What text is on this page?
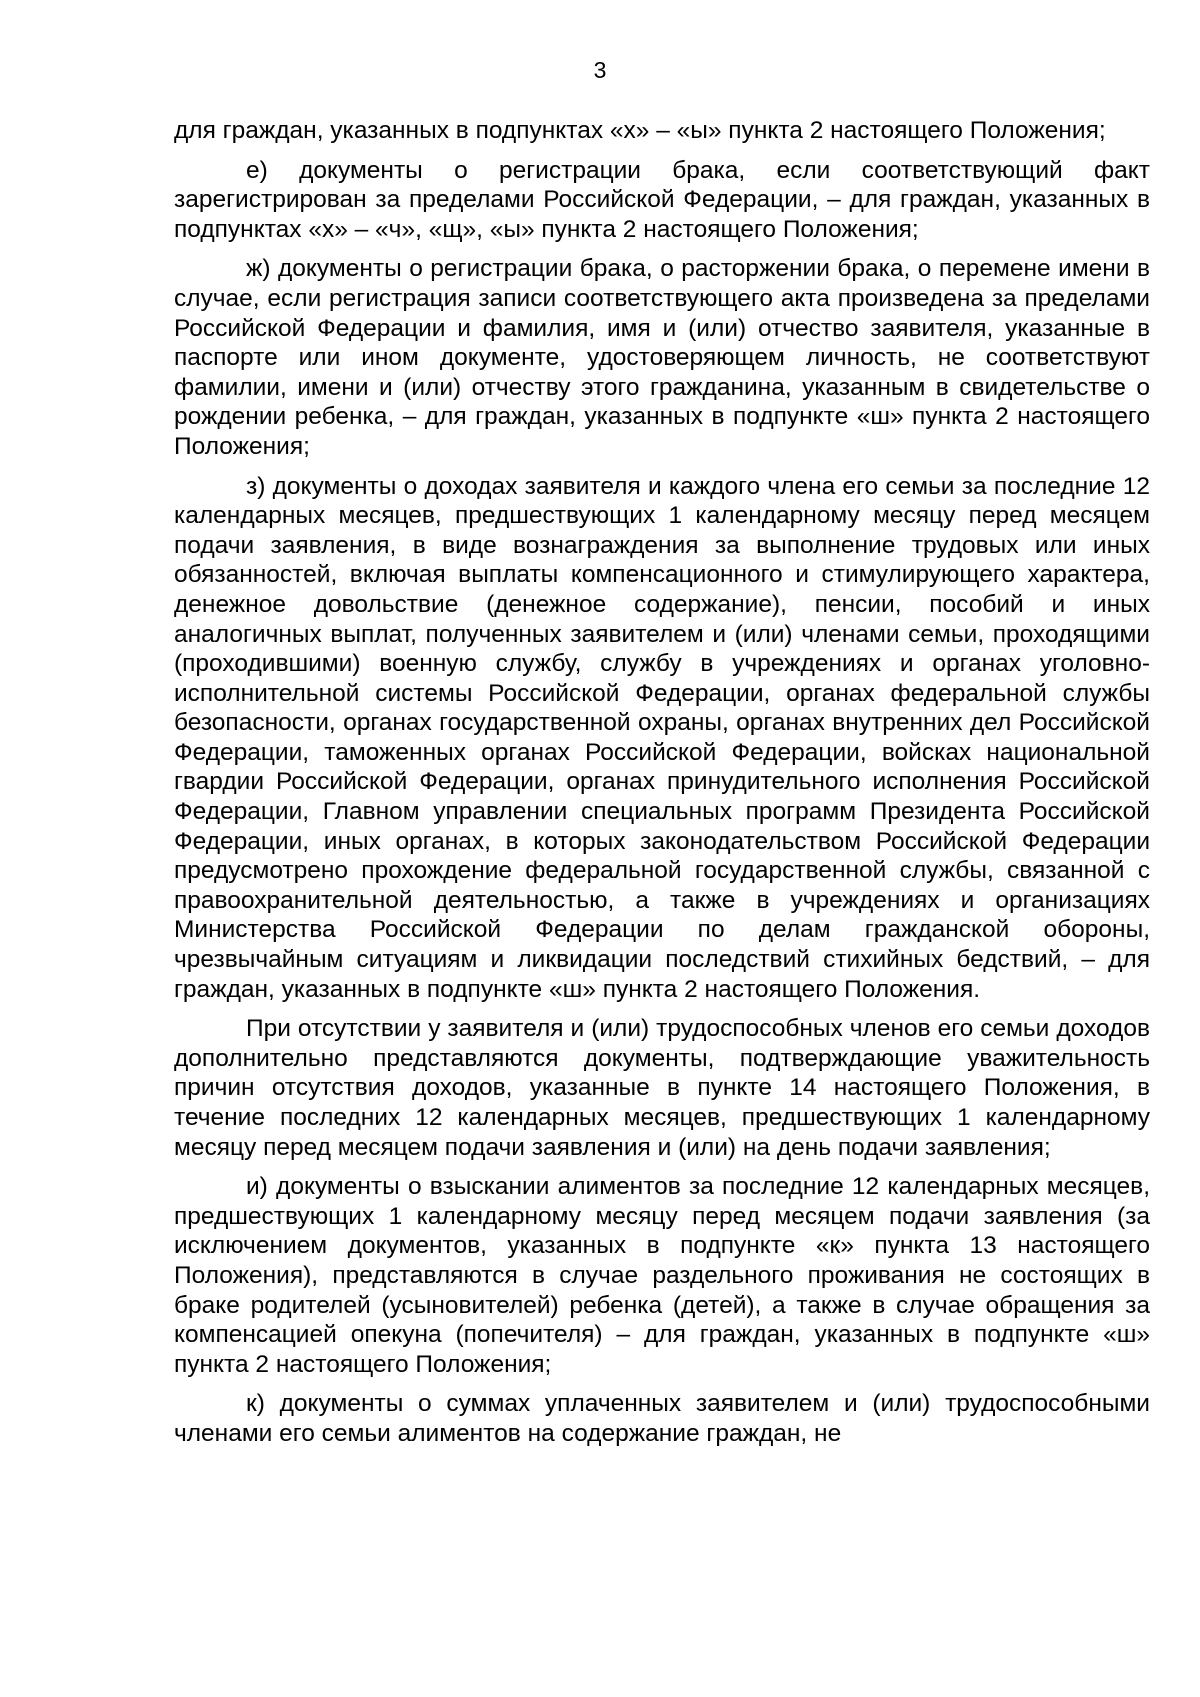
3

для граждан, указанных в подпунктах «х» – «ы» пункта 2 настоящего Положения;

е) документы о регистрации брака, если соответствующий факт зарегистрирован за пределами Российской Федерации, – для граждан, указанных в подпунктах «х» – «ч», «щ», «ы» пункта 2 настоящего Положения;

ж) документы о регистрации брака, о расторжении брака, о перемене имени в случае, если регистрация записи соответствующего акта произведена за пределами Российской Федерации и фамилия, имя и (или) отчество заявителя, указанные в паспорте или ином документе, удостоверяющем личность, не соответствуют фамилии, имени и (или) отчеству этого гражданина, указанным в свидетельстве о рождении ребенка, – для граждан, указанных в подпункте «ш» пункта 2 настоящего Положения;

з) документы о доходах заявителя и каждого члена его семьи за последние 12 календарных месяцев, предшествующих 1 календарному месяцу перед месяцем подачи заявления, в виде вознаграждения за выполнение трудовых или иных обязанностей, включая выплаты компенсационного и стимулирующего характера, денежное довольствие (денежное содержание), пенсии, пособий и иных аналогичных выплат, полученных заявителем и (или) членами семьи, проходящими (проходившими) военную службу, службу в учреждениях и органах уголовно-исполнительной системы Российской Федерации, органах федеральной службы безопасности, органах государственной охраны, органах внутренних дел Российской Федерации, таможенных органах Российской Федерации, войсках национальной гвардии Российской Федерации, органах принудительного исполнения Российской Федерации, Главном управлении специальных программ Президента Российской Федерации, иных органах, в которых законодательством Российской Федерации предусмотрено прохождение федеральной государственной службы, связанной с правоохранительной деятельностью, а также в учреждениях и организациях Министерства Российской Федерации по делам гражданской обороны, чрезвычайным ситуациям и ликвидации последствий стихийных бедствий, – для граждан, указанных в подпункте «ш» пункта 2 настоящего Положения.

При отсутствии у заявителя и (или) трудоспособных членов его семьи доходов дополнительно представляются документы, подтверждающие уважительность причин отсутствия доходов, указанные в пункте 14 настоящего Положения, в течение последних 12 календарных месяцев, предшествующих 1 календарному месяцу перед месяцем подачи заявления и (или) на день подачи заявления;

и) документы о взыскании алиментов за последние 12 календарных месяцев, предшествующих 1 календарному месяцу перед месяцем подачи заявления (за исключением документов, указанных в подпункте «к» пункта 13 настоящего Положения), представляются в случае раздельного проживания не состоящих в браке родителей (усыновителей) ребенка (детей), а также в случае обращения за компенсацией опекуна (попечителя) – для граждан, указанных в подпункте «ш» пункта 2 настоящего Положения;

к) документы о суммах уплаченных заявителем и (или) трудоспособными членами его семьи алиментов на содержание граждан, не
